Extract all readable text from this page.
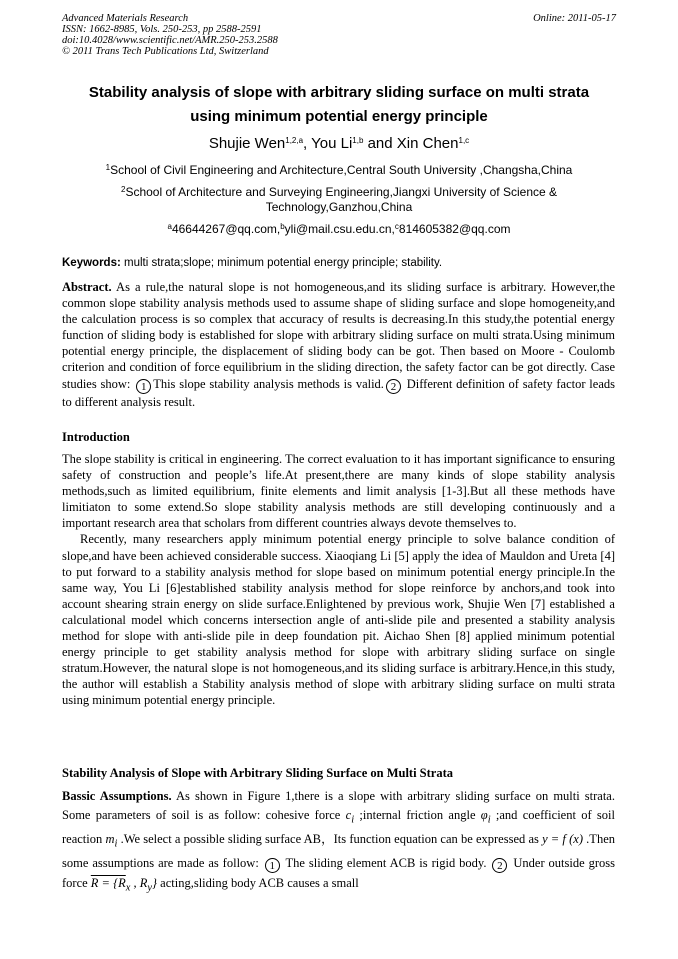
Advanced Materials Research
ISSN: 1662-8985, Vols. 250-253, pp 2588-2591
doi:10.4028/www.scientific.net/AMR.250-253.2588
© 2011 Trans Tech Publications Ltd, Switzerland
Online: 2011-05-17
Stability analysis of slope with arbitrary sliding surface on multi strata
using minimum potential energy principle
Shujie Wen$^{1,2,a}$, You Li$^{1,b}$ and Xin Chen$^{1,c}$
$^1$School of Civil Engineering and Architecture,Central South University ,Changsha,China
$^2$School of Architecture and Surveying Engineering,Jiangxi University of Science &
Technology,Ganzhou,China
$^a$46644267@qq.com,$^b$yli@mail.csu.edu.cn,$^c$814605382@qq.com
Keywords: multi strata;slope; minimum potential energy principle; stability.
Abstract. As a rule,the natural slope is not homogeneous,and its sliding surface is arbitrary. However,the common slope stability analysis methods used to assume shape of sliding surface and slope homogeneity,and the calculation process is so complex that accuracy of results is decreasing.In this study,the potential energy function of sliding body is established for slope with arbitrary sliding surface on multi strata.Using minimum potential energy principle, the displacement of sliding body can be got. Then based on Moore - Coulomb criterion and condition of force equilibrium in the sliding direction, the safety factor can be got directly. Case studies show: 1 This slope stability analysis methods is valid. 2 Different definition of safety factor leads to different analysis result.
Introduction
The slope stability is critical in engineering. The correct evaluation to it has important significance to ensuring safety of construction and people’s life.At present,there are many kinds of slope stability analysis methods,such as limited equilibrium, finite elements and limit analysis [1-3].But all these methods have limitiaton to some extend.So slope stability analysis methods are still developing continuously and a important research area that scholars from different countries always devote themselves to.
Recently, many researchers apply minimum potential energy principle to solve balance condition of slope,and have been achieved considerable success. Xiaoqiang Li [5] apply the idea of Mauldon and Ureta [4] to put forward to a stability analysis method for slope based on minimum potential energy principle.In the same way, You Li [6]established stability analysis method for slope reinforce by anchors,and took into account shearing strain energy on slide surface.Enlightened by previous work, Shujie Wen [7] established a calculational model which concerns intersection angle of anti-slide pile and presented a stability analysis method for slope with anti-slide pile in deep foundation pit. Aichao Shen [8] applied minimum potential energy principle to get stability analysis method for slope with arbitrary sliding surface on single stratum.However, the natural slope is not homogeneous,and its sliding surface is arbitrary.Hence,in this study, the author will establish a Stability analysis method of slope with arbitrary sliding surface on multi strata using minimum potential energy principle.
Stability Analysis of Slope with Arbitrary Sliding Surface on Multi Strata
Bassic Assumptions. As shown in Figure 1,there is a slope with arbitrary sliding surface on multi strata. Some parameters of soil is as follow: cohesive force $c_i$ ;internal friction angle $\varphi_i$ ;and coefficient of soil reaction $m_i$ .We select a possible sliding surface AB，Its function equation can be expressed as y = f (x) .Then some assumptions are made as follow: 1 The sliding element ACB is rigid body. 2 Under outside gross force $R = \{R_x$ , $R_y$} acting,sliding body ACB causes a small
